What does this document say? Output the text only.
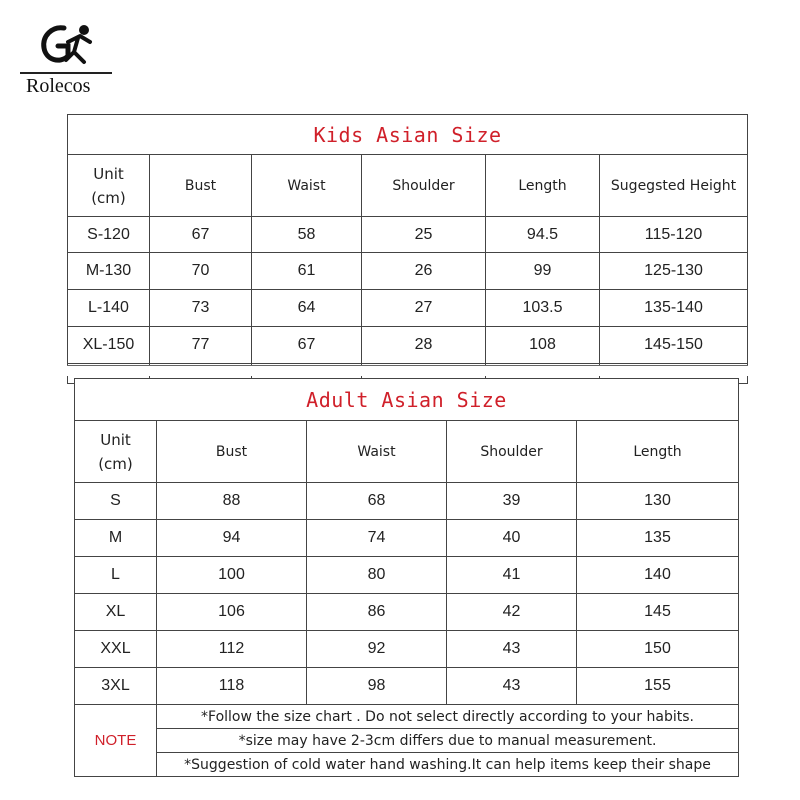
Rolecos
Kids Asian Size					
Unit
(cm)	Bust	Waist	Shoulder	Length	Sugegsted Height
S-120	67	58	25	94.5	115-120
M-130	70	61	26	99	125-130
L-140	73	64	27	103.5	135-140
XL-150	77	67	28	108	145-150

Adult Asian Size				
Unit
(cm)	Bust	Waist	Shoulder	Length
S	88	68	39	130
M	94	74	40	135
L	100	80	41	140
XL	106	86	42	145
XXL	112	92	43	150
3XL	118	98	43	155
NOTE	*Follow the size chart . Do not select directly according to your habits.			
	*size may have 2-3cm differs due to manual measurement.			
	*Suggestion of cold water hand washing.It can help items keep their shape			
